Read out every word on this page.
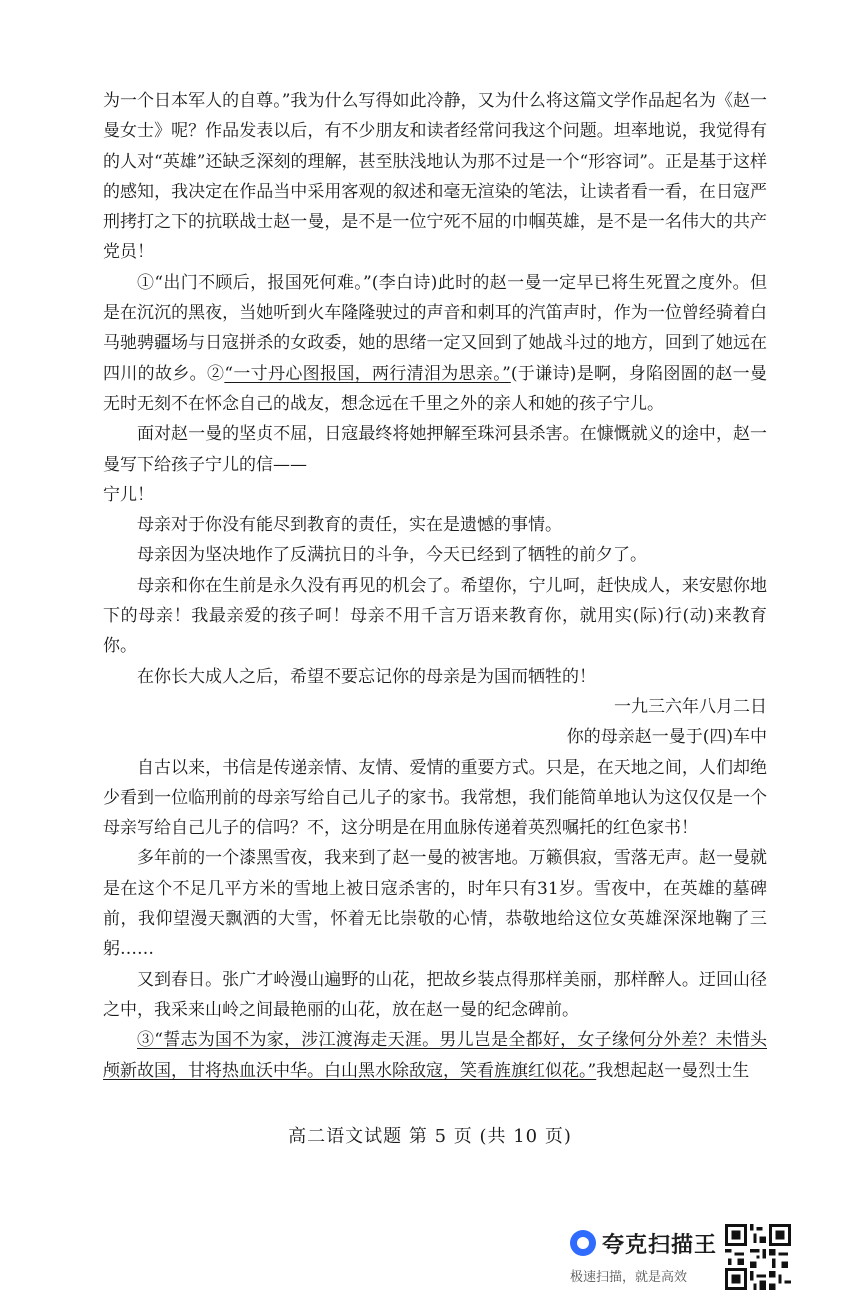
为一个日本军人的自尊。”我为什么写得如此冷静，又为什么将这篇文学作品起名为《赵一曼女士》呢？作品发表以后，有不少朋友和读者经常问我这个问题。坦率地说，我觉得有的人对“英雄”还缺乏深刻的理解，甚至肤浅地认为那不过是一个“形容词”。正是基于这样的感知，我决定在作品当中采用客观的叙述和毫无渲染的笔法，让读者看一看，在日寇严刑拷打之下的抗联战士赵一曼，是不是一位宁死不屈的巾帼英雄，是不是一名伟大的共产党员！

①“出门不顾后，报国死何难。”(李白诗)此时的赵一曼一定早已将生死置之度外。但是在沉沉的黑夜，当她听到火车隆隆驶过的声音和刺耳的汽笛声时，作为一位曾经骑着白马驰骋疆场与日寇拼杀的女政委，她的思绪一定又回到了她战斗过的地方，回到了她远在四川的故乡。②“一寸丹心图报国，两行清泪为思亲。”(于谦诗)是啊，身陷囹圄的赵一曼无时无刻不在怀念自己的战友，想念远在千里之外的亲人和她的孩子宁儿。

面对赵一曼的坚贞不屈，日寇最终将她押解至珠河县杀害。在慷慨就义的途中，赵一曼写下给孩子宁儿的信——

宁儿！

母亲对于你没有能尽到教育的责任，实在是遗憾的事情。

母亲因为坚决地作了反满抗日的斗争，今天已经到了牺牲的前夕了。

母亲和你在生前是永久没有再见的机会了。希望你，宁儿呵，赶快成人，来安慰你地下的母亲！我最亲爱的孩子呵！母亲不用千言万语来教育你，就用实(际)行(动)来教育你。

在你长大成人之后，希望不要忘记你的母亲是为国而牺牲的！

一九三六年八月二日

你的母亲赵一曼于(四)车中

自古以来，书信是传递亲情、友情、爱情的重要方式。只是，在天地之间，人们却绝少看到一位临刑前的母亲写给自己儿子的家书。我常想，我们能简单地认为这仅仅是一个母亲写给自己儿子的信吗？不，这分明是在用血脉传递着英烈嘱托的红色家书！

多年前的一个漆黑雪夜，我来到了赵一曼的被害地。万籁俱寂，雪落无声。赵一曼就是在这个不足几平方米的雪地上被日寇杀害的，时年只有31岁。雪夜中，在英雄的墓碑前，我仰望漫天飘洒的大雪，怀着无比崇敬的心情，恭敬地给这位女英雄深深地鞠了三躬……

又到春日。张广才岭漫山遍野的山花，把故乡装点得那样美丽，那样醉人。迂回山径之中，我采来山岭之间最艳丽的山花，放在赵一曼的纪念碑前。

③“誓志为国不为家，涉江渡海走天涯。男儿岂是全都好，女子缘何分外差？未惜头颅新故国，甘将热血沃中华。白山黑水除敌寇，笑看旌旗红似花。”我想起赵一曼烈士生

高二语文试题 第 5 页 (共 10 页)
夸克扫描王
极速扫描，就是高效
